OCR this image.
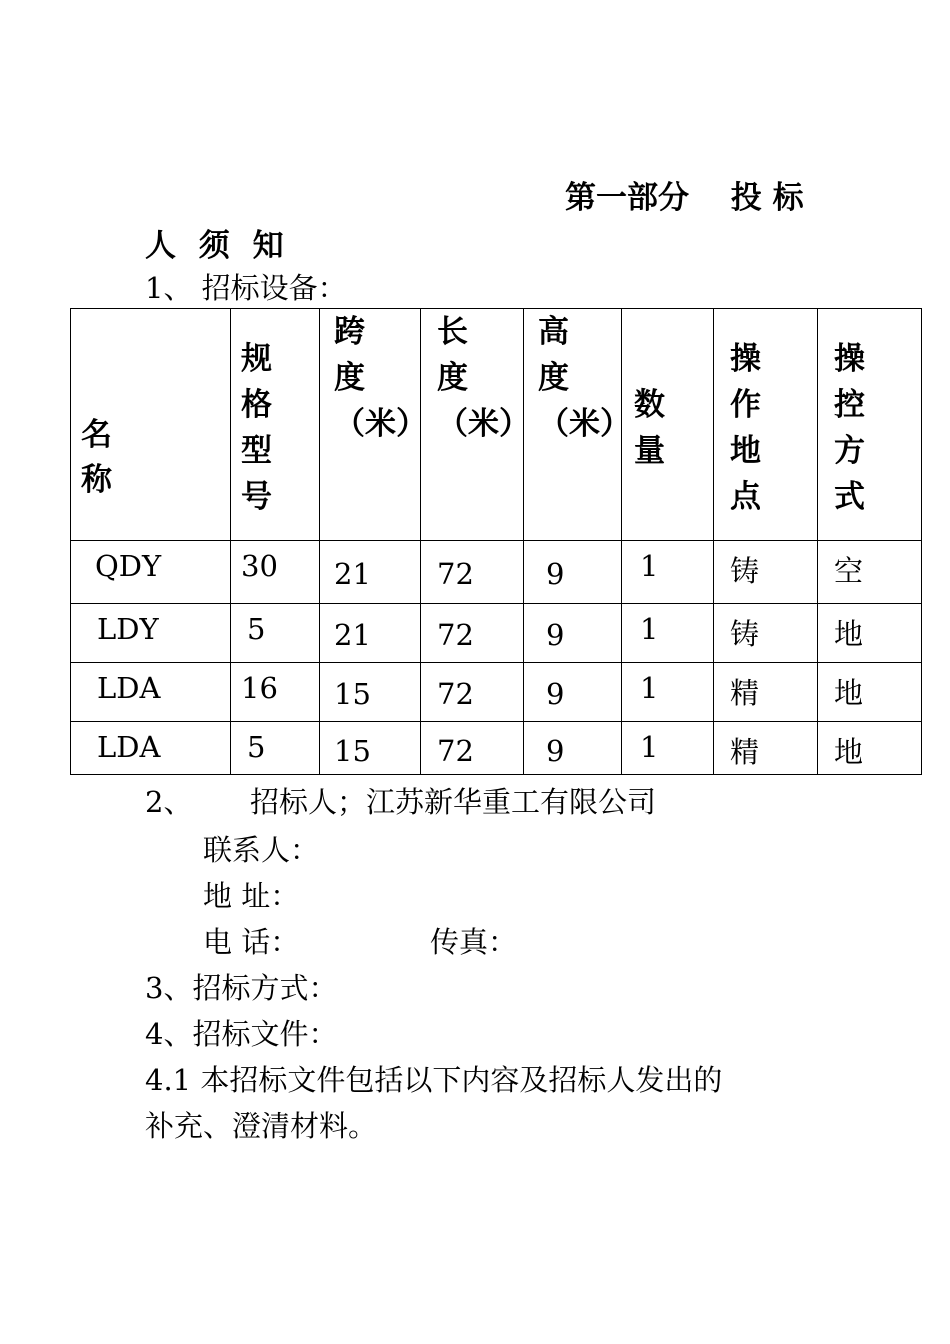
第一部分　 投 标
人 须 知
1、 招标设备：
名　称	规格型号	跨度（米）	长度（米）	高度（米）	数量	操作地点	操控方式

QDY	30	21	72	9	1	铸	空

LDY	5	21	72	9	1	铸	地

LDA	16	15	72	9	1	精	地

LDA	5	15	72	9	1	精	地
2、 招标人；江苏新华重工有限公司
联系人：
地 址：
电 话：	传真：
3、招标方式：
4、招标文件：
4.1 本招标文件包括以下内容及招标人发出的
补充、澄清材料。
